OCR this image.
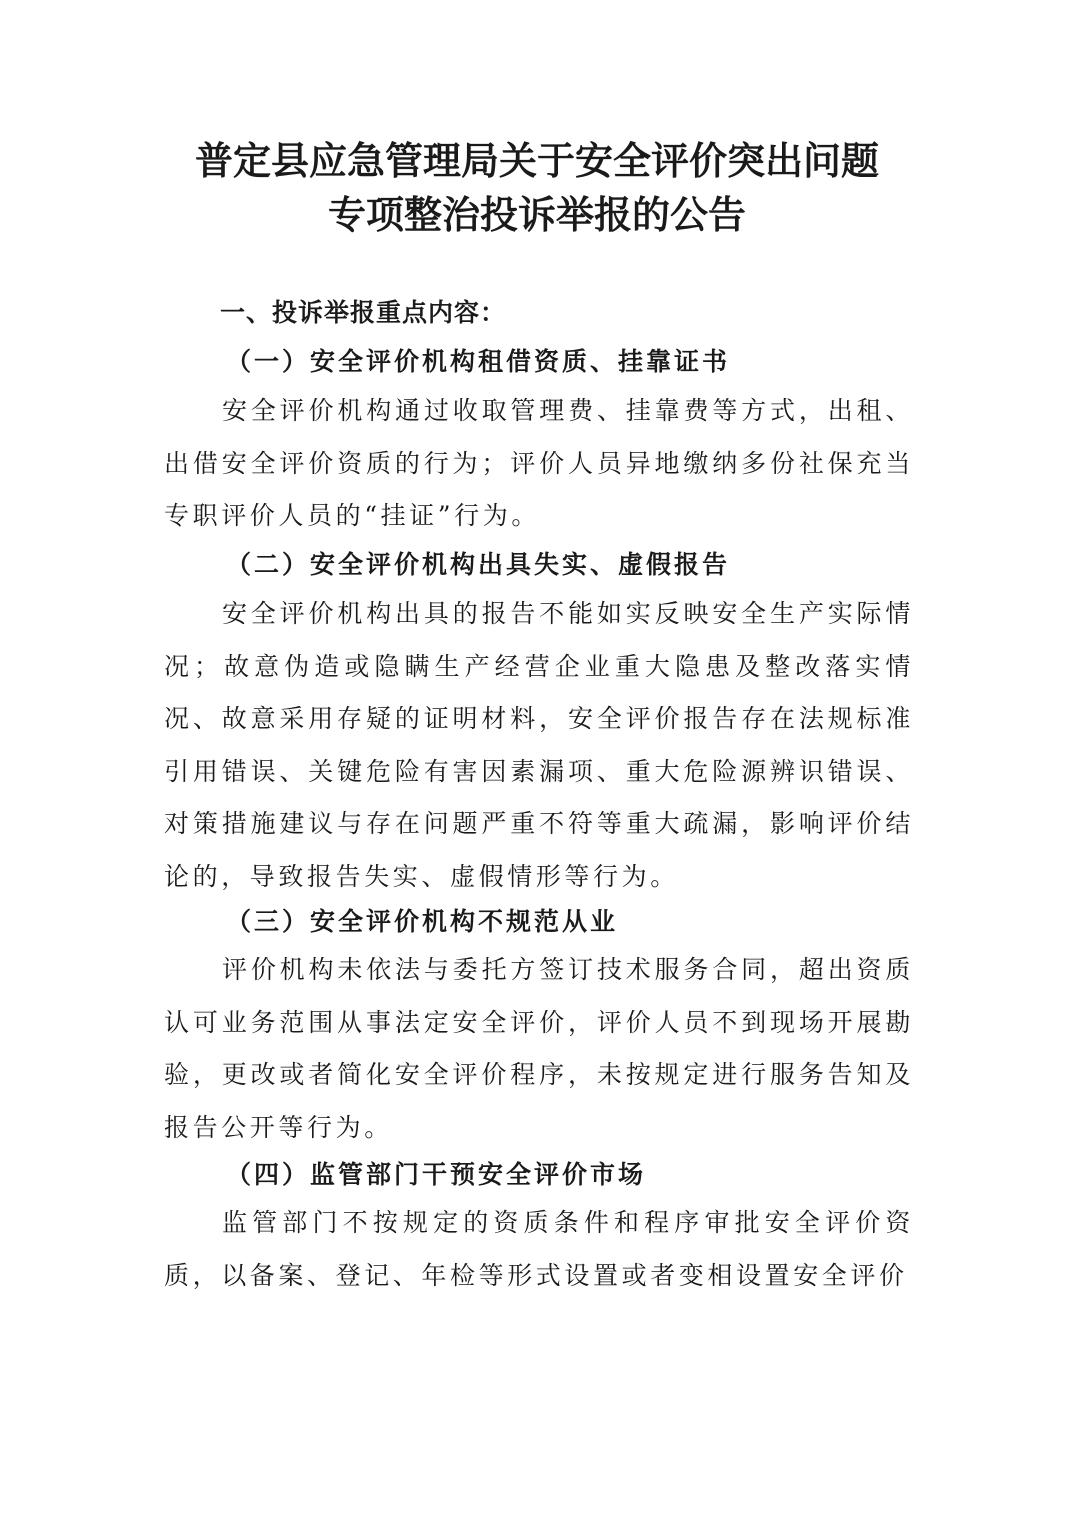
普定县应急管理局关于安全评价突出问题
专项整治投诉举报的公告
一、投诉举报重点内容：
（一）安全评价机构租借资质、挂靠证书

安全评价机构通过收取管理费、挂靠费等方式，出租、出借安全评价资质的行为；评价人员异地缴纳多份社保充当专职评价人员的“挂证”行为。

（二）安全评价机构出具失实、虚假报告

安全评价机构出具的报告不能如实反映安全生产实际情况；故意伪造或隐瞒生产经营企业重大隐患及整改落实情况、故意采用存疑的证明材料，安全评价报告存在法规标准引用错误、关键危险有害因素漏项、重大危险源辨识错误、对策措施建议与存在问题严重不符等重大疏漏，影响评价结论的，导致报告失实、虚假情形等行为。

（三）安全评价机构不规范从业

评价机构未依法与委托方签订技术服务合同，超出资质认可业务范围从事法定安全评价，评价人员不到现场开展勘验，更改或者简化安全评价程序，未按规定进行服务告知及报告公开等行为。

（四）监管部门干预安全评价市场

监管部门不按规定的资质条件和程序审批安全评价资质，以备案、登记、年检等形式设置或者变相设置安全评价
